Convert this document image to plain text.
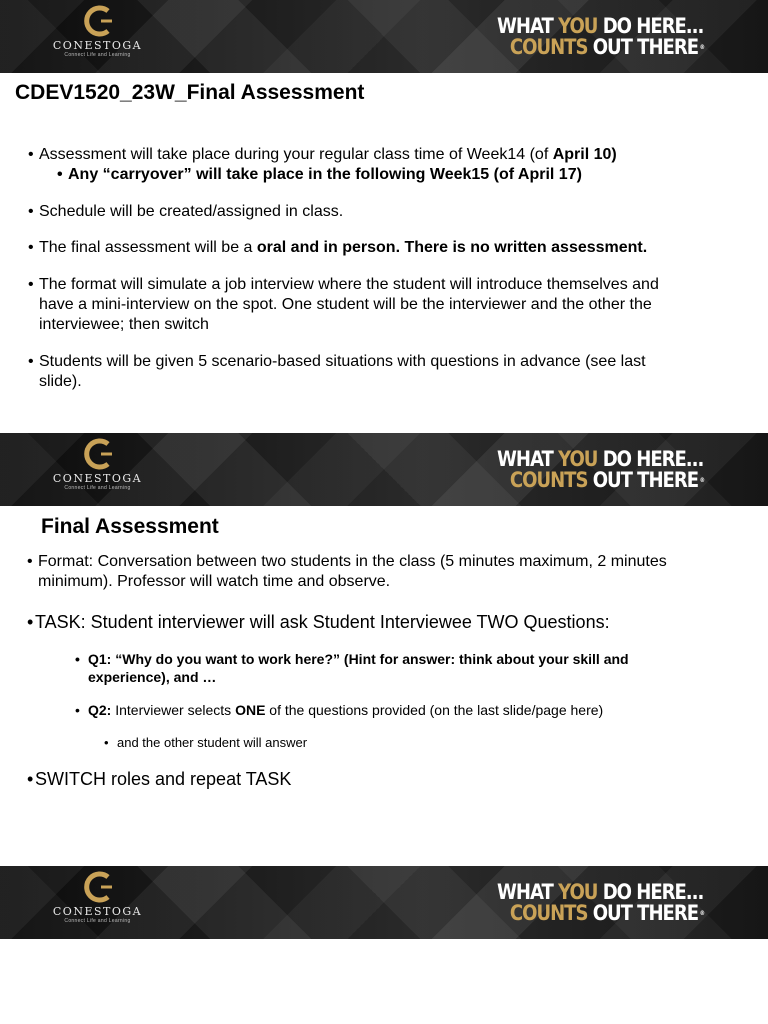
CONESTOGA
Connect Life and Learning
WHAT YOU DO HERE...
COUNTS OUT THERE ®
CDEV1520_23W_Final Assessment
• Assessment will take place during your regular class time of Week14 (of April 10)
• Any “carryover” will take place in the following Week15 (of April 17)
• Schedule will be created/assigned in class.
• The final assessment will be a oral and in person. There is no written assessment.
• The format will simulate a job interview where the student will introduce themselves and
have a mini-interview on the spot. One student will be the interviewer and the other the
interviewee; then switch
• Students will be given 5 scenario-based situations with questions in advance (see last
slide).
CONESTOGA
Connect Life and Learning
WHAT YOU DO HERE...
COUNTS OUT THERE ®
Final Assessment
• Format: Conversation between two students in the class (5 minutes maximum, 2 minutes
minimum). Professor will watch time and observe.
• TASK: Student interviewer will ask Student Interviewee TWO Questions:
• Q1: “Why do you want to work here?” (Hint for answer: think about your skill and
experience), and …
• Q2: Interviewer selects ONE of the questions provided (on the last slide/page here)
• and the other student will answer
• SWITCH roles and repeat TASK
CONESTOGA
Connect Life and Learning
WHAT YOU DO HERE...
COUNTS OUT THERE ®
